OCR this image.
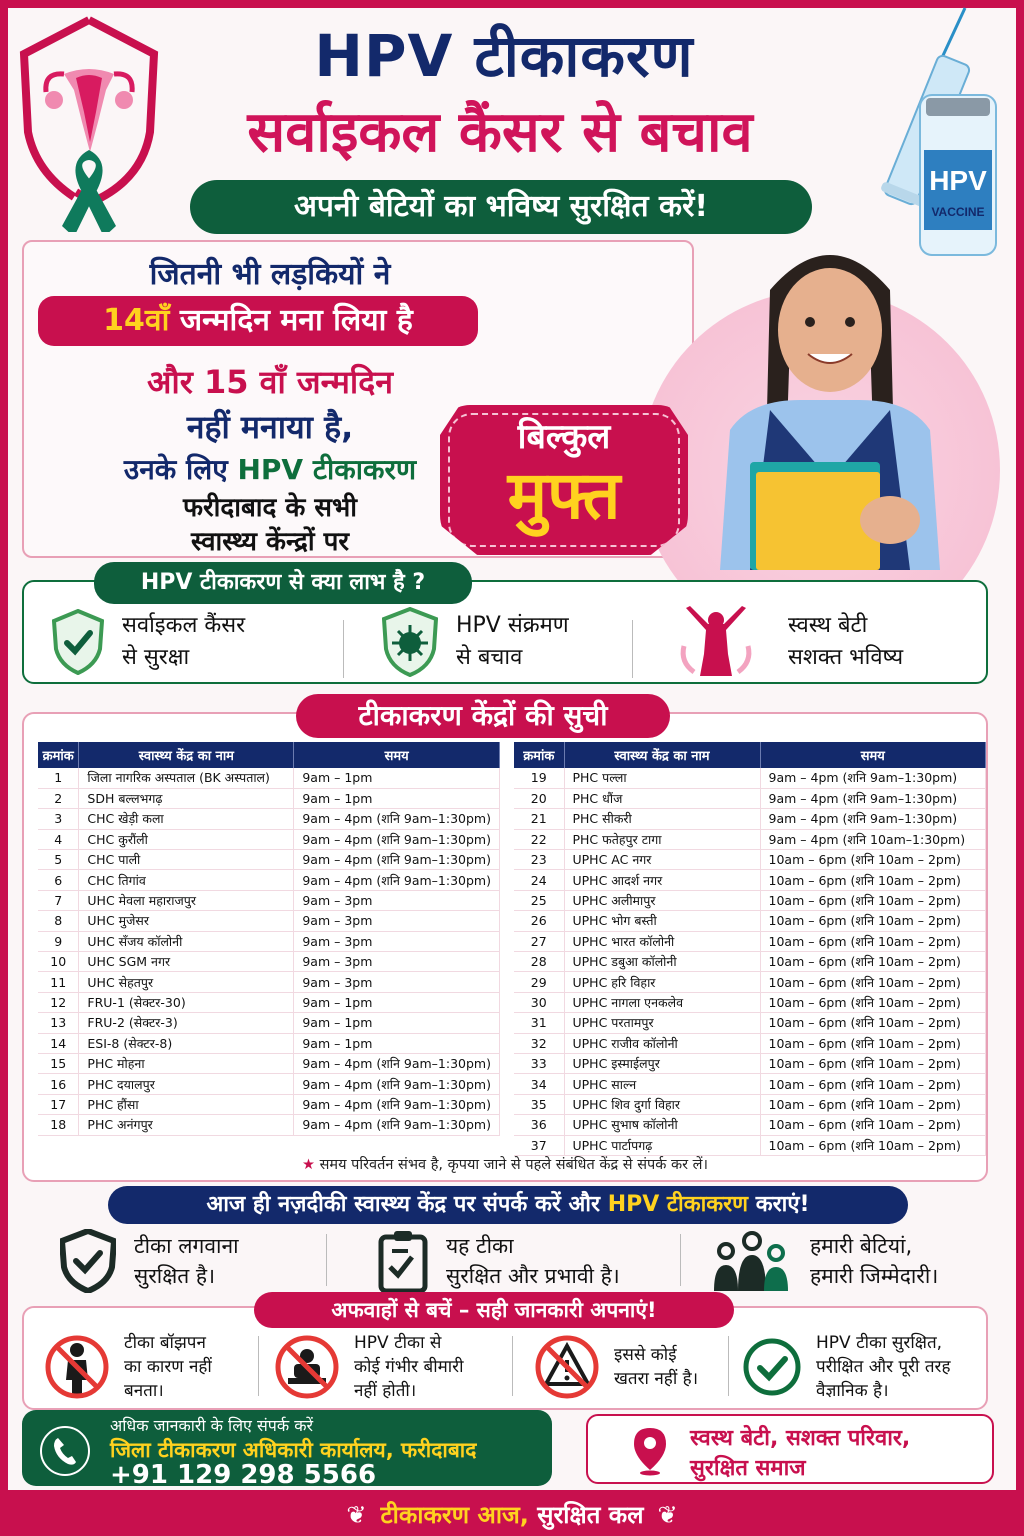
HPV टीकाकरण
सर्वाइकल कैंसर से बचाव
अपनी बेटियों का भविष्य सुरक्षित करें!
HPV
VACCINE
जितनी भी लड़कियों ने
14वाँ जन्मदिन मना लिया है
और 15 वाँ जन्मदिन
नहीं मनाया है,
उनके लिए HPV टीकाकरण
फरीदाबाद के सभी
स्वास्थ्य केंन्द्रों पर
बिल्कुल
मुफ्त
HPV टीकाकरण से क्या लाभ है ?
सर्वाइकल कैंसर
से सुरक्षा
HPV संक्रमण
से बचाव
स्वस्थ बेटी
सशक्त भविष्य
टीकाकरण केंद्रों की सुची
क्रमांक	स्वास्थ्य केंद्र का नाम	समय
1	जिला नागरिक अस्पताल (BK अस्पताल)	9am – 1pm
2	SDH बल्लभगढ़	9am – 1pm
3	CHC खेड़ी कला	9am – 4pm (शनि 9am–1:30pm)
4	CHC कुरौंली	9am – 4pm (शनि 9am–1:30pm)
5	CHC पाली	9am – 4pm (शनि 9am–1:30pm)
6	CHC तिगांव	9am – 4pm (शनि 9am–1:30pm)
7	UHC मेवला महाराजपुर	9am – 3pm
8	UHC मुजेसर	9am – 3pm
9	UHC सँजय कॉलोनी	9am – 3pm
10	UHC SGM नगर	9am – 3pm
11	UHC सेहतपुर	9am – 3pm
12	FRU-1 (सेक्टर-30)	9am – 1pm
13	FRU-2 (सेक्टर-3)	9am – 1pm
14	ESI-8 (सेक्टर-8)	9am – 1pm
15	PHC मोहना	9am – 4pm (शनि 9am–1:30pm)
16	PHC दयालपुर	9am – 4pm (शनि 9am–1:30pm)
17	PHC हौंसा	9am – 4pm (शनि 9am–1:30pm)
18	PHC अनंगपुर	9am – 4pm (शनि 9am–1:30pm)
क्रमांक	स्वास्थ्य केंद्र का नाम	समय
19	PHC पल्ला	9am – 4pm (शनि 9am–1:30pm)
20	PHC धौंज	9am – 4pm (शनि 9am–1:30pm)
21	PHC सीकरी	9am – 4pm (शनि 9am–1:30pm)
22	PHC फतेहपुर टागा	9am – 4pm (शनि 10am–1:30pm)
23	UPHC AC नगर	10am – 6pm (शनि 10am – 2pm)
24	UPHC आदर्श नगर	10am – 6pm (शनि 10am – 2pm)
25	UPHC अलीमापुर	10am – 6pm (शनि 10am – 2pm)
26	UPHC भोग बस्ती	10am – 6pm (शनि 10am – 2pm)
27	UPHC भारत कॉलोनी	10am – 6pm (शनि 10am – 2pm)
28	UPHC डबुआ कॉलोनी	10am – 6pm (शनि 10am – 2pm)
29	UPHC हरि विहार	10am – 6pm (शनि 10am – 2pm)
30	UPHC नागला एनकलेव	10am – 6pm (शनि 10am – 2pm)
31	UPHC परतामपुर	10am – 6pm (शनि 10am – 2pm)
32	UPHC राजीव कॉलोनी	10am – 6pm (शनि 10am – 2pm)
33	UPHC इस्माईलपुर	10am – 6pm (शनि 10am – 2pm)
34	UPHC साल्न	10am – 6pm (शनि 10am – 2pm)
35	UPHC शिव दुर्गा विहार	10am – 6pm (शनि 10am – 2pm)
36	UPHC सुभाष कॉलोनी	10am – 6pm (शनि 10am – 2pm)
37	UPHC पार्टापगढ़	10am – 6pm (शनि 10am – 2pm)
★ समय परिवर्तन संभव है, कृपया जाने से पहले संबंधित केंद्र से संपर्क कर लें।
आज ही नज़दीकी स्वास्थ्य केंद्र पर संपर्क करें और HPV टीकाकरण कराएं!
टीका लगवाना
सुरक्षित है।
यह टीका
सुरक्षित और प्रभावी है।
हमारी बेटियां,
हमारी जिम्मेदारी।
अफवाहों से बचें – सही जानकारी अपनाएं!
टीका बॉझपन
का कारण नहीं
बनता।
HPV टीका से
कोई गंभीर बीमारी
नहीं होती।
इससे कोई
खतरा नहीं है।
HPV टीका सुरक्षित,
परीक्षित और पूरी तरह
वैज्ञानिक है।
अधिक जानकारी के लिए संपर्क करें
जिला टीकाकरण अधिकारी कार्यालय, फरीदाबाद
+91 129 298 5566
स्वस्थ बेटी, सशक्त परिवार,
सुरक्षित समाज
❦ टीकाकरण आज, सुरक्षित कल ❦
